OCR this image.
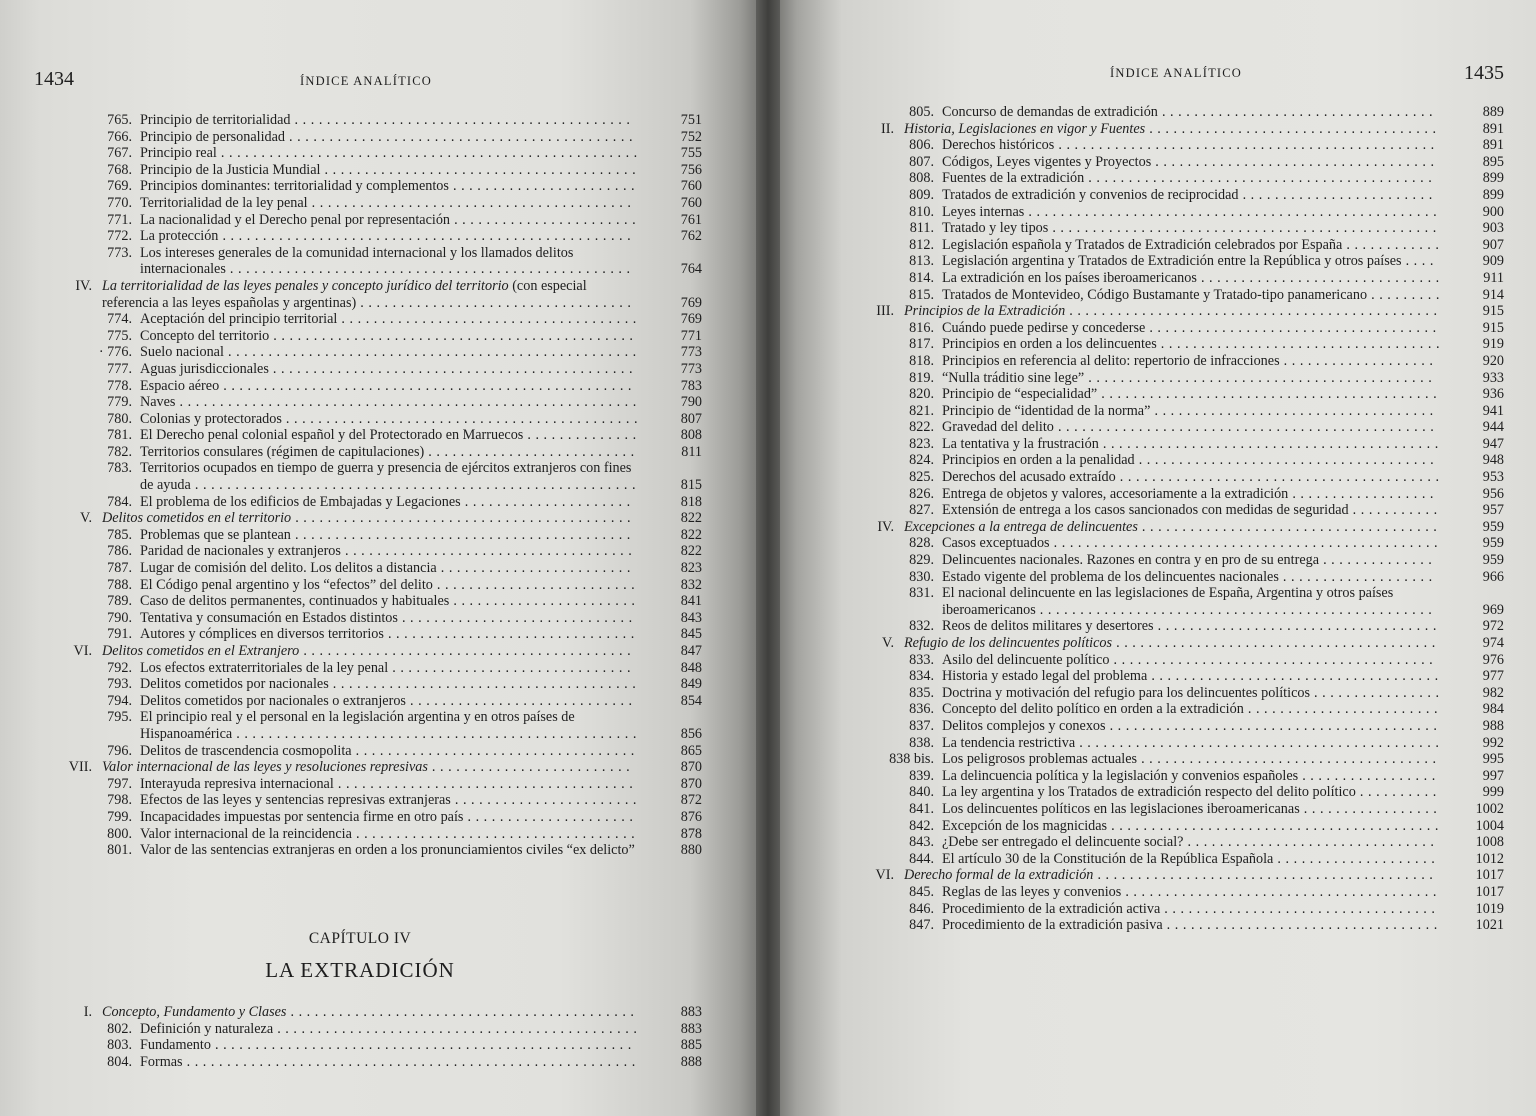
1434	ÍNDICE ANALÍTICO
765. Principio de territorialidad . . . . . . . . . . . . . . . . . . . . . . . . . . . . . . . . . . . . . . . . . .	751
766. Principio de personalidad . . . . . . . . . . . . . . . . . . . . . . . . . . . . . . . . . . . . . . . . . . .	752
767. Principio real . . . . . . . . . . . . . . . . . . . . . . . . . . . . . . . . . . . . . . . . . . . . . . . . . . . .	755
768. Principio de la Justicia Mundial . . . . . . . . . . . . . . . . . . . . . . . . . . . . . . . . . . . . . . .	756
769. Principios dominantes: territorialidad y complementos . . . . . . . . . . . . . . . . . . . . . . .	760
770. Territorialidad de la ley penal . . . . . . . . . . . . . . . . . . . . . . . . . . . . . . . . . . . . . . . .	760
771. La nacionalidad y el Derecho penal por representación . . . . . . . . . . . . . . . . . . . . . . .	761
772. La protección . . . . . . . . . . . . . . . . . . . . . . . . . . . . . . . . . . . . . . . . . . . . . . . . . . .	762
773. Los intereses generales de la comunidad internacional y los llamados delitos internacionales . . . . . . . . . . . . . . . . . . . . . . . . . . . . . . . . . . . . . . . . . . . . . . . . . .	764
IV. La territorialidad de las leyes penales y concepto jurídico del territorio (con especial referencia a las leyes españolas y argentinas) . . . . . . . . . . . . . . . . . . . . . . . . . . . . . . . . . .	769
774. Aceptación del principio territorial . . . . . . . . . . . . . . . . . . . . . . . . . . . . . . . . . . . . .	769
775. Concepto del territorio . . . . . . . . . . . . . . . . . . . . . . . . . . . . . . . . . . . . . . . . . . . . .	771
· 776. Suelo nacional . . . . . . . . . . . . . . . . . . . . . . . . . . . . . . . . . . . . . . . . . . . . . . . . . . .	773
777. Aguas jurisdiccionales . . . . . . . . . . . . . . . . . . . . . . . . . . . . . . . . . . . . . . . . . . . . .	773
778. Espacio aéreo . . . . . . . . . . . . . . . . . . . . . . . . . . . . . . . . . . . . . . . . . . . . . . . . . . .	783
779. Naves . . . . . . . . . . . . . . . . . . . . . . . . . . . . . . . . . . . . . . . . . . . . . . . . . . . . . . . . .	790
780. Colonias y protectorados . . . . . . . . . . . . . . . . . . . . . . . . . . . . . . . . . . . . . . . . . . . .	807
781. El Derecho penal colonial español y del Protectorado en Marruecos . . . . . . . . . . . . . .	808
782. Territorios consulares (régimen de capitulaciones) . . . . . . . . . . . . . . . . . . . . . . . . . .	811
783. Territorios ocupados en tiempo de guerra y presencia de ejércitos extranjeros con fines de ayuda . . . . . . . . . . . . . . . . . . . . . . . . . . . . . . . . . . . . . . . . . . . . . . . . . . . . . . .	815
784. El problema de los edificios de Embajadas y Legaciones . . . . . . . . . . . . . . . . . . . . .	818
V. Delitos cometidos en el territorio . . . . . . . . . . . . . . . . . . . . . . . . . . . . . . . . . . . . . . . . . .	822
785. Problemas que se plantean . . . . . . . . . . . . . . . . . . . . . . . . . . . . . . . . . . . . . . . . . .	822
786. Paridad de nacionales y extranjeros . . . . . . . . . . . . . . . . . . . . . . . . . . . . . . . . . . . .	822
787. Lugar de comisión del delito. Los delitos a distancia . . . . . . . . . . . . . . . . . . . . . . . .	823
788. El Código penal argentino y los “efectos” del delito . . . . . . . . . . . . . . . . . . . . . . . . .	832
789. Caso de delitos permanentes, continuados y habituales . . . . . . . . . . . . . . . . . . . . . . .	841
790. Tentativa y consumación en Estados distintos . . . . . . . . . . . . . . . . . . . . . . . . . . . . .	843
791. Autores y cómplices en diversos territorios . . . . . . . . . . . . . . . . . . . . . . . . . . . . . . .	845
VI. Delitos cometidos en el Extranjero . . . . . . . . . . . . . . . . . . . . . . . . . . . . . . . . . . . . . . . . .	847
792. Los efectos extraterritoriales de la ley penal . . . . . . . . . . . . . . . . . . . . . . . . . . . . . .	848
793. Delitos cometidos por nacionales . . . . . . . . . . . . . . . . . . . . . . . . . . . . . . . . . . . . . .	849
794. Delitos cometidos por nacionales o extranjeros . . . . . . . . . . . . . . . . . . . . . . . . . . . .	854
795. El principio real y el personal en la legislación argentina y en otros países de Hispanoamérica . . . . . . . . . . . . . . . . . . . . . . . . . . . . . . . . . . . . . . . . . . . . . . . . . .	856
796. Delitos de trascendencia cosmopolita . . . . . . . . . . . . . . . . . . . . . . . . . . . . . . . . . . .	865
VII. Valor internacional de las leyes y resoluciones represivas . . . . . . . . . . . . . . . . . . . . . . . . .	870
797. Interayuda represiva internacional . . . . . . . . . . . . . . . . . . . . . . . . . . . . . . . . . . . . .	870
798. Efectos de las leyes y sentencias represivas extranjeras . . . . . . . . . . . . . . . . . . . . . . .	872
799. Incapacidades impuestas por sentencia firme en otro país . . . . . . . . . . . . . . . . . . . . .	876
800. Valor internacional de la reincidencia . . . . . . . . . . . . . . . . . . . . . . . . . . . . . . . . . . .	878
801. Valor de las sentencias extranjeras en orden a los pronunciamientos civiles “ex delicto”	880
CAPÍTULO IV
LA EXTRADICIÓN
I. Concepto, Fundamento y Clases . . . . . . . . . . . . . . . . . . . . . . . . . . . . . . . . . . . . . . . . . . .	883
802. Definición y naturaleza . . . . . . . . . . . . . . . . . . . . . . . . . . . . . . . . . . . . . . . . . . . . .	883
803. Fundamento . . . . . . . . . . . . . . . . . . . . . . . . . . . . . . . . . . . . . . . . . . . . . . . . . . . .	885
804. Formas . . . . . . . . . . . . . . . . . . . . . . . . . . . . . . . . . . . . . . . . . . . . . . . . . . . . . . . .	888
ÍNDICE ANALÍTICO	1435
805. Concurso de demandas de extradición . . . . . . . . . . . . . . . . . . . . . . . . . . . . . . . . . .	889
II. Historia, Legislaciones en vigor y Fuentes . . . . . . . . . . . . . . . . . . . . . . . . . . . . . . . . . . . .	891
806. Derechos históricos . . . . . . . . . . . . . . . . . . . . . . . . . . . . . . . . . . . . . . . . . . . . . . .	891
807. Códigos, Leyes vigentes y Proyectos . . . . . . . . . . . . . . . . . . . . . . . . . . . . . . . . . . .	895
808. Fuentes de la extradición . . . . . . . . . . . . . . . . . . . . . . . . . . . . . . . . . . . . . . . . . . .	899
809. Tratados de extradición y convenios de reciprocidad . . . . . . . . . . . . . . . . . . . . . . . .	899
810. Leyes internas . . . . . . . . . . . . . . . . . . . . . . . . . . . . . . . . . . . . . . . . . . . . . . . . . . .	900
811. Tratado y ley tipos . . . . . . . . . . . . . . . . . . . . . . . . . . . . . . . . . . . . . . . . . . . . . . . .	903
812. Legislación española y Tratados de Extradición celebrados por España . . . . . . . . . . . .	907
813. Legislación argentina y Tratados de Extradición entre la República y otros países . . . .	909
814. La extradición en los países iberoamericanos . . . . . . . . . . . . . . . . . . . . . . . . . . . . . .	911
815. Tratados de Montevideo, Código Bustamante y Tratado-tipo panamericano . . . . . . . . .	914
III. Principios de la Extradición . . . . . . . . . . . . . . . . . . . . . . . . . . . . . . . . . . . . . . . . . . . . . .	915
816. Cuándo puede pedirse y concederse . . . . . . . . . . . . . . . . . . . . . . . . . . . . . . . . . . . .	915
817. Principios en orden a los delincuentes . . . . . . . . . . . . . . . . . . . . . . . . . . . . . . . . . . .	919
818. Principios en referencia al delito: repertorio de infracciones . . . . . . . . . . . . . . . . . . .	920
819. “Nulla tráditio sine lege” . . . . . . . . . . . . . . . . . . . . . . . . . . . . . . . . . . . . . . . . . . .	933
820. Principio de “especialidad” . . . . . . . . . . . . . . . . . . . . . . . . . . . . . . . . . . . . . . . . . .	936
821. Principio de “identidad de la norma” . . . . . . . . . . . . . . . . . . . . . . . . . . . . . . . . . . .	941
822. Gravedad del delito . . . . . . . . . . . . . . . . . . . . . . . . . . . . . . . . . . . . . . . . . . . . . . .	944
823. La tentativa y la frustración . . . . . . . . . . . . . . . . . . . . . . . . . . . . . . . . . . . . . . . . . .	947
824. Principios en orden a la penalidad . . . . . . . . . . . . . . . . . . . . . . . . . . . . . . . . . . . . .	948
825. Derechos del acusado extraído . . . . . . . . . . . . . . . . . . . . . . . . . . . . . . . . . . . . . . . .	953
826. Entrega de objetos y valores, accesoriamente a la extradición . . . . . . . . . . . . . . . . . .	956
827. Extensión de entrega a los casos sancionados con medidas de seguridad . . . . . . . . . . .	957
IV. Excepciones a la entrega de delincuentes . . . . . . . . . . . . . . . . . . . . . . . . . . . . . . . . . . . . .	959
828. Casos exceptuados . . . . . . . . . . . . . . . . . . . . . . . . . . . . . . . . . . . . . . . . . . . . . . . .	959
829. Delincuentes nacionales. Razones en contra y en pro de su entrega . . . . . . . . . . . . . .	959
830. Estado vigente del problema de los delincuentes nacionales . . . . . . . . . . . . . . . . . . .	966
831. El nacional delincuente en las legislaciones de España, Argentina y otros países iberoamericanos . . . . . . . . . . . . . . . . . . . . . . . . . . . . . . . . . . . . . . . . . . . . . . . . .	969
832. Reos de delitos militares y desertores . . . . . . . . . . . . . . . . . . . . . . . . . . . . . . . . . . .	972
V. Refugio de los delincuentes políticos . . . . . . . . . . . . . . . . . . . . . . . . . . . . . . . . . . . . . . . .	974
833. Asilo del delincuente político . . . . . . . . . . . . . . . . . . . . . . . . . . . . . . . . . . . . . . . .	976
834. Historia y estado legal del problema . . . . . . . . . . . . . . . . . . . . . . . . . . . . . . . . . . . .	977
835. Doctrina y motivación del refugio para los delincuentes políticos . . . . . . . . . . . . . . . .	982
836. Concepto del delito político en orden a la extradición . . . . . . . . . . . . . . . . . . . . . . . .	984
837. Delitos complejos y conexos . . . . . . . . . . . . . . . . . . . . . . . . . . . . . . . . . . . . . . . . .	988
838. La tendencia restrictiva . . . . . . . . . . . . . . . . . . . . . . . . . . . . . . . . . . . . . . . . . . . . .	992
838 bis. Los peligrosos problemas actuales . . . . . . . . . . . . . . . . . . . . . . . . . . . . . . . . . . . . .	995
839. La delincuencia política y la legislación y convenios españoles . . . . . . . . . . . . . . . . .	997
840. La ley argentina y los Tratados de extradición respecto del delito político . . . . . . . . . .	999
841. Los delincuentes políticos en las legislaciones iberoamericanas . . . . . . . . . . . . . . . . .	1002
842. Excepción de los magnicidas . . . . . . . . . . . . . . . . . . . . . . . . . . . . . . . . . . . . . . . . .	1004
843. ¿Debe ser entregado el delincuente social? . . . . . . . . . . . . . . . . . . . . . . . . . . . . . . .	1008
844. El artículo 30 de la Constitución de la República Española . . . . . . . . . . . . . . . . . . . .	1012
VI. Derecho formal de la extradición . . . . . . . . . . . . . . . . . . . . . . . . . . . . . . . . . . . . . . . . . .	1017
845. Reglas de las leyes y convenios . . . . . . . . . . . . . . . . . . . . . . . . . . . . . . . . . . . . . . .	1017
846. Procedimiento de la extradición activa . . . . . . . . . . . . . . . . . . . . . . . . . . . . . . . . . .	1019
847. Procedimiento de la extradición pasiva . . . . . . . . . . . . . . . . . . . . . . . . . . . . . . . . . .	1021
